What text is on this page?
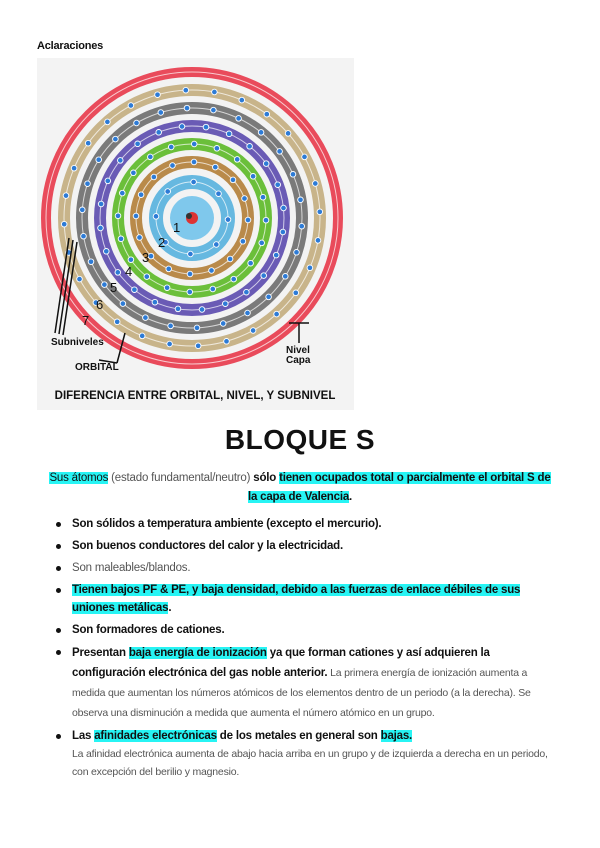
Aclaraciones
1
2
3
4
5
6
7
Subniveles
ORBITAL
Nivel
Capa
DIFERENCIA ENTRE ORBITAL, NIVEL, Y SUBNIVEL
BLOQUE S
Sus átomos (estado fundamental/neutro) sólo tienen ocupados total o parcialmente el orbital S de la capa de Valencia.
Son sólidos a temperatura ambiente (excepto el mercurio).
Son buenos conductores del calor y la electricidad.
Son maleables/blandos.
Tienen bajos PF & PE, y baja densidad, debido a las fuerzas de enlace débiles de sus uniones metálicas.
Son formadores de cationes.
Presentan baja energía de ionización ya que forman cationes y así adquieren la configuración electrónica del gas noble anterior. La primera energía de ionización aumenta a medida que aumentan los números atómicos de los elementos dentro de un periodo (a la derecha). Se observa una disminución a medida que aumenta el número atómico en un grupo.
Las afinidades electrónicas de los metales en general son bajas.
La afinidad electrónica aumenta de abajo hacia arriba en un grupo y de izquierda a derecha en un periodo, con excepción del berilio y magnesio.
